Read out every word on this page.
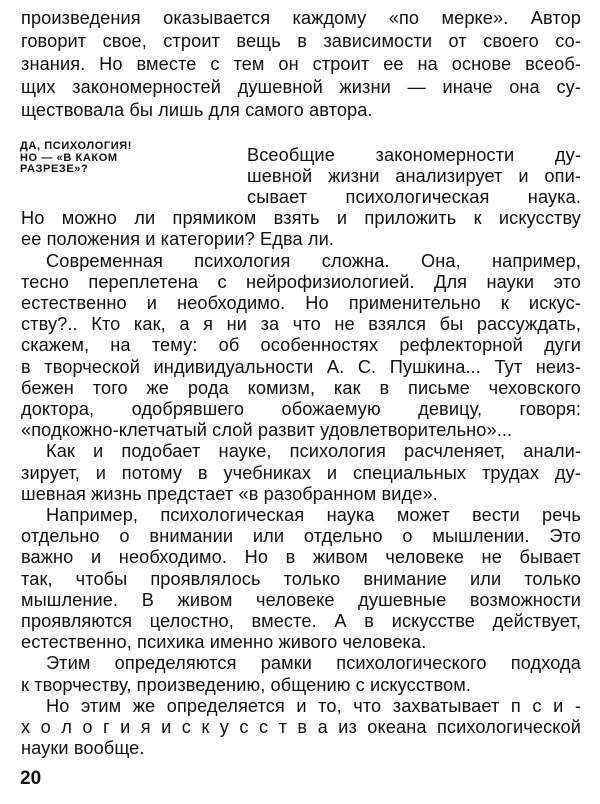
ДА, ПСИХОЛОГИЯ!
НО — «В КАКОМ
РАЗРЕЗЕ»?
произведения оказывается каждому «по мерке». Автор
говорит свое, строит вещь в зависимости от своего со-
знания. Но вместе с тем он строит ее на основе всеоб-
щих закономерностей душевной жизни — иначе она су-
ществовала бы лишь для самого автора.
Всеобщие закономерности ду-
шевной жизни анализирует и опи-
сывает психологическая наука.
Но можно ли прямиком взять и приложить к искусству
ее положения и категории? Едва ли.
Современная психология сложна. Она, например,
тесно переплетена с нейрофизиологией. Для науки это
естественно и необходимо. Но применительно к искус-
ству?.. Кто как, а я ни за что не взялся бы рассуждать,
скажем, на тему: об особенностях рефлекторной дуги
в творческой индивидуальности А. С. Пушкина... Тут неиз-
бежен того же рода комизм, как в письме чеховского
доктора, одобрявшего обожаемую девицу, говоря:
«подкожно-клетчатый слой развит удовлетворительно»...
Как и подобает науке, психология расчленяет, анали-
зирует, и потому в учебниках и специальных трудах ду-
шевная жизнь предстает «в разобранном виде».
Например, психологическая наука может вести речь
отдельно о внимании или отдельно о мышлении. Это
важно и необходимо. Но в живом человеке не бывает
так, чтобы проявлялось только внимание или только
мышление. В живом человеке душевные возможности
проявляются целостно, вместе. А в искусстве действует,
естественно, психика именно живого человека.
Этим определяются рамки психологического подхода
к творчеству, произведению, общению с искусством.
Но этим же определяется и то, что захватывает п с и -
х о л о г и я и с к у с с т в а из океана психологической
науки вообще.
20
